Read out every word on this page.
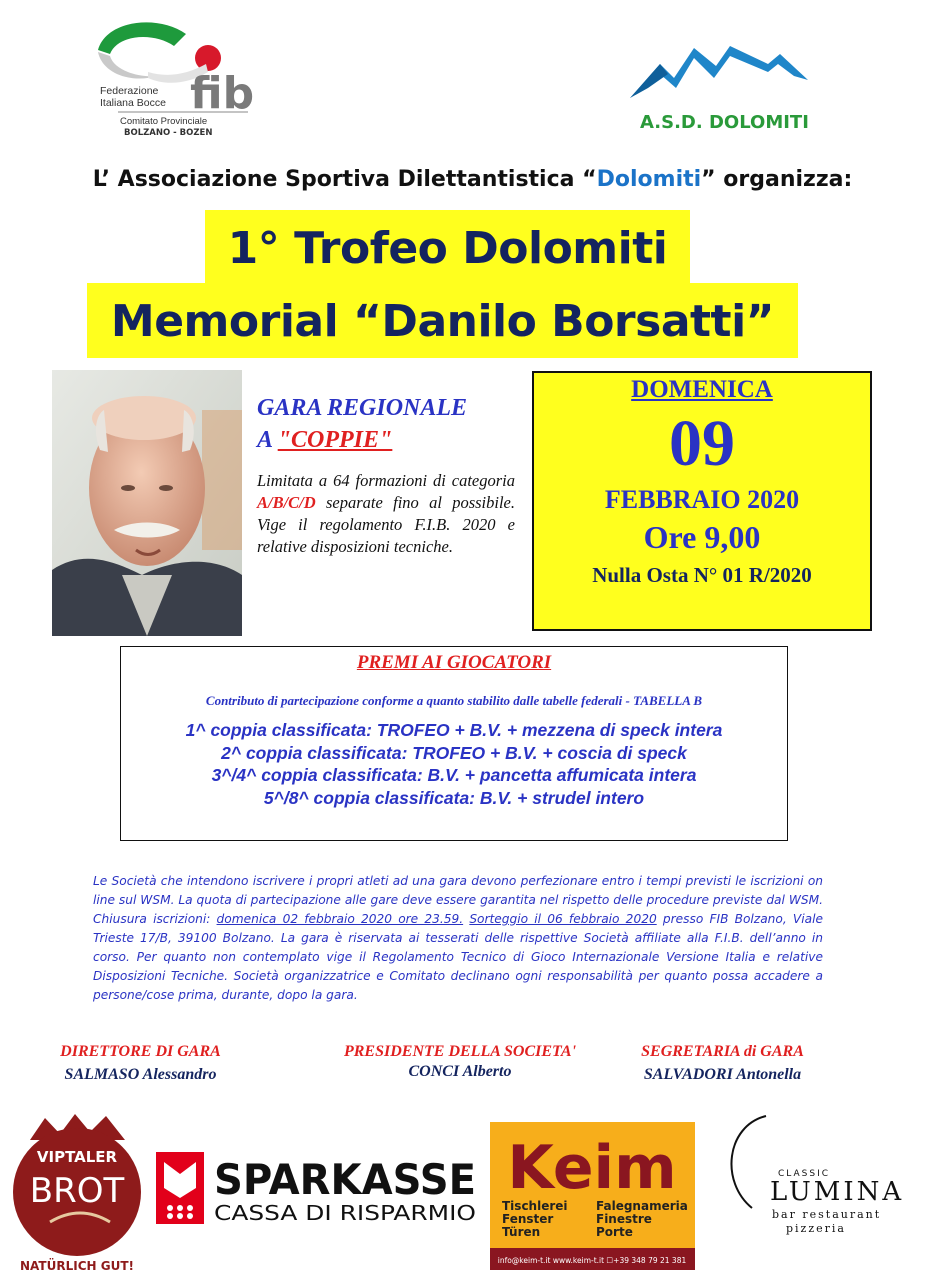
Federazione
Italiana Bocce fib
Comitato Provinciale
BOLZANO - BOZEN	A.S.D. DOLOMITI
L’ Associazione Sportiva Dilettantistica “Dolomiti” organizza:
1° Trofeo Dolomiti
Memorial “Danilo Borsatti”
GARA REGIONALE
A "COPPIE"
Limitata a 64 formazioni di categoria A/B/C/D separate fino al possibile. Vige il regolamento F.I.B. 2020 e relative disposizioni tecniche.
DOMENICA
09
FEBBRAIO 2020
Ore 9,00
Nulla Osta N° 01 R/2020
PREMI AI GIOCATORI
Contributo di partecipazione conforme a quanto stabilito dalle tabelle federali - TABELLA B
1^ coppia classificata: TROFEO + B.V. + mezzena di speck intera
2^ coppia classificata: TROFEO + B.V. + coscia di speck
3^/4^ coppia classificata: B.V. + pancetta affumicata intera
5^/8^ coppia classificata: B.V. + strudel intero
Le Società che intendono iscrivere i propri atleti ad una gara devono perfezionare entro i tempi previsti le iscrizioni on line sul WSM. La quota di partecipazione alle gare deve essere garantita nel rispetto delle procedure previste dal WSM. Chiusura iscrizioni: domenica 02 febbraio 2020 ore 23.59. Sorteggio il 06 febbraio 2020 presso FIB Bolzano, Viale Trieste 17/B, 39100 Bolzano. La gara è riservata ai tesserati delle rispettive Società affiliate alla F.I.B. dell’anno in corso. Per quanto non contemplato vige il Regolamento Tecnico di Gioco Internazionale Versione Italia e relative Disposizioni Tecniche. Società organizzatrice e Comitato declinano ogni responsabilità per quanto possa accadere a persone/cose prima, durante, dopo la gara.
DIRETTORE DI GARA
SALMASO Alessandro
PRESIDENTE DELLA SOCIETA'
CONCI Alberto
SEGRETARIA di GARA
SALVADORI Antonella
VIPTALER
BROT
NATÜRLICH GUT!
SPARKASSE
CASSA DI RISPARMIO
Keim
Tischlerei
Fenster
Türen
Falegnameria
Finestre
Porte
info@keim-t.it www.keim-t.it ☐+39 348 79 21 381
CLASSIC
LUMINA
bar restaurant
pizzeria
